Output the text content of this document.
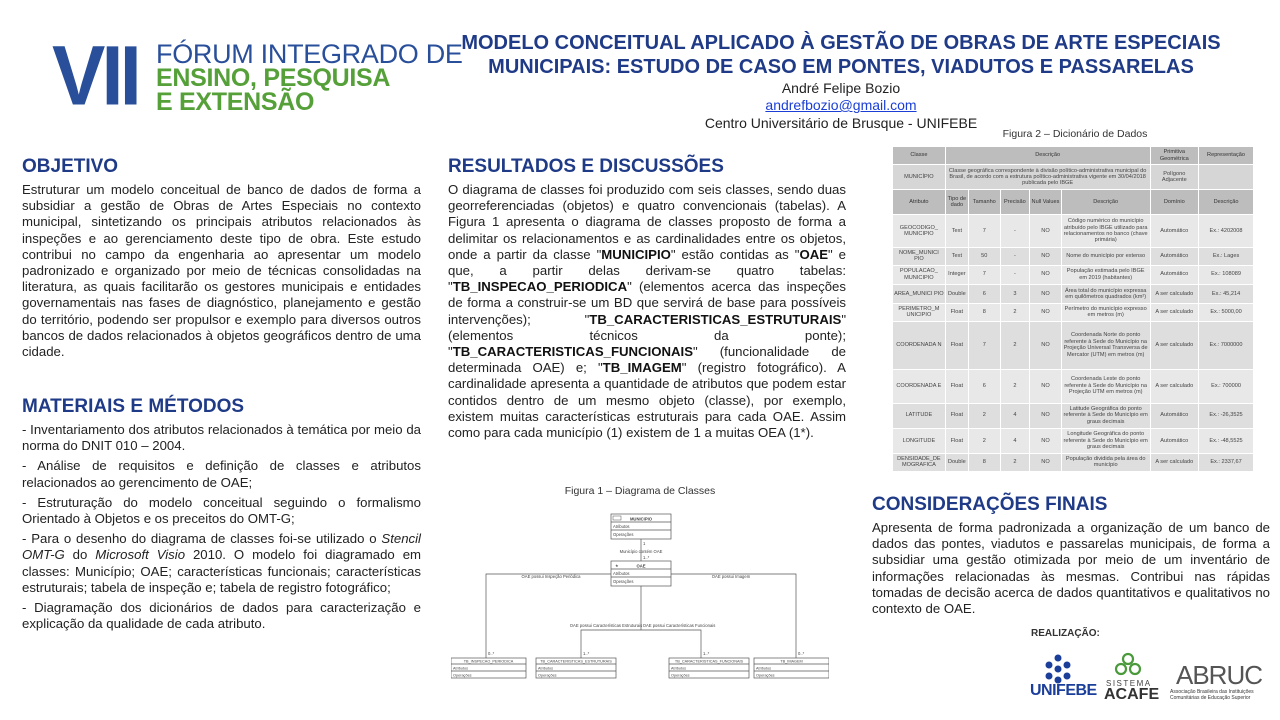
VII FÓRUM INTEGRADO DE
ENSINO, PESQUISA
E EXTENSÃO
MODELO CONCEITUAL APLICADO À GESTÃO DE OBRAS DE ARTE ESPECIAIS
MUNICIPAIS: ESTUDO DE CASO EM PONTES, VIADUTOS E PASSARELAS
André Felipe Bozio
andrefbozio@gmail.com
Centro Universitário de Brusque - UNIFEBE
OBJETIVO
Estruturar um modelo conceitual de banco de dados de forma a subsidiar a gestão de Obras de Artes Especiais no contexto municipal, sintetizando os principais atributos relacionados às inspeções e ao gerenciamento deste tipo de obra. Este estudo contribui no campo da engenharia ao apresentar um modelo padronizado e organizado por meio de técnicas consolidadas na literatura, as quais facilitarão os gestores municipais e entidades governamentais nas fases de diagnóstico, planejamento e gestão do território, podendo ser propulsor e exemplo para diversos outros bancos de dados relacionados à objetos geográficos dentro de uma cidade.
MATERIAIS E MÉTODOS

- Inventariamento dos atributos relacionados à temática por meio da norma do DNIT 010 – 2004.

- Análise de requisitos e definição de classes e atributos relacionados ao gerencimento de OAE;

- Estruturação do modelo conceitual seguindo o formalismo Orientado à Objetos e os preceitos do OMT-G;

- Para o desenho do diagrama de classes foi-se utilizado o Stencil OMT-G do Microsoft Visio 2010. O modelo foi diagramado em classes: Município; OAE; características funcionais; características estruturais; tabela de inspeção e; tabela de registro fotográfico;

- Diagramação dos dicionários de dados para caracterização e explicação da qualidade de cada atributo.

RESULTADOS E DISCUSSÕES
O diagrama de classes foi produzido com seis classes, sendo duas georreferenciadas (objetos) e quatro convencionais (tabelas). A Figura 1 apresenta o diagrama de classes proposto de forma a delimitar os relacionamentos e as cardinalidades entre os objetos, onde a partir da classe "MUNICIPIO" estão contidas as "OAE" e que, a partir delas derivam-se quatro tabelas: "TB_INSPECAO_PERIODICA" (elementos acerca das inspeções de forma a construir-se um BD que servirá de base para possíveis intervenções); "TB_CARACTERISTICAS_ESTRUTURAIS" (elementos técnicos da ponte); "TB_CARACTERISTICAS_FUNCIONAIS" (funcionalidade de determinada OAE) e; "TB_IMAGEM" (registro fotográfico). A cardinalidade apresenta a quantidade de atributos que podem estar contidos dentro de um mesmo objeto (classe), por exemplo, existem muitas características estruturais para cada OAE. Assim como para cada município (1) existem de 1 a muitas OEA (1*).
Figura 1 – Diagrama de Classes
★
MUNICIPIO
Atributos
Operações
OAE
Atributos
Operações
1
1..*
Município contém OAE
OAE possui Inspeção Periódica	OAE possui Imagem
OAE possui Características Estruturais OAE possui Características Funcionais
0..*	1..*	1..*	0..*
TB_INSPECAO_PERIODICA
Atributos
Operações
TB_CARACTERISTICAS_ESTRUTURAIS
Atributos
Operações
TB_CARACTERISTICAS_FUNCIONAIS
Atributos
Operações
TB_IMAGEM
Atributos
Operações
Figura 2 – Dicionário de Dados
Classe	Descrição					Primitiva Geométrica	Representação
MUNICÍPIO	Classe geográfica correspondente à divisão político-administrativa municipal do Brasil, de acordo com a estrutura político-administrativa vigente em 30/04/2018 publicada pelo IBGE					Polígono Adjacente	
Atributo	Tipo de dado	Tamanho	Precisão	Null Values	Descrição	Domínio	Descrição
GEOCODIGO_ MUNICIPIO	Text	7	-	NO	Código numérico do município atribuído pelo IBGE utilizado para relacionamentos no banco (chave primária)	Automático	Ex.: 4202008
NOME_MUNICI PIO	Text	50	-	NO	Nome do município por extenso	Automático	Ex.: Lages
POPULACAO_ MUNICIPIO	Integer	7	-	NO	População estimada pelo IBGE em 2019 (habitantes)	Automático	Ex.: 108089
AREA_MUNICI PIO	Double	6	3	NO	Área total do município expressa em quilômetros quadrados (km²)	A ser calculado	Ex.: 45,214
PERIMETRO_M UNICIPIO	Float	8	2	NO	Perímetro do município expresso em metros (m)	A ser calculado	Ex.: 5000,00
COORDENADA N	Float	7	2	NO	Coordenada Norte do ponto referente à Sede do Município na Projeção Universal Transversa de Mercator (UTM) em metros (m)	A ser calculado	Ex.: 7000000
COORDENADA E	Float	6	2	NO	Coordenada Leste do ponto referente à Sede do Município na Projeção UTM em metros (m)	A ser calculado	Ex.: 700000
LATITUDE	Float	2	4	NO	Latitude Geográfica do ponto referente à Sede do Município em graus decimais	Automático	Ex.: -26,3525
LONGITUDE	Float	2	4	NO	Longitude Geográfica do ponto referente à Sede do Município em graus decimais	Automático	Ex.: -48,5525
DENSIDADE_DE MOGRAFICA	Double	8	2	NO	População dividida pela área do município	A ser calculado	Ex.: 2337,67
CONSIDERAÇÕES FINAIS
Apresenta de forma padronizada a organização de um banco de dados das pontes, viadutos e passarelas municipais, de forma a subsidiar uma gestão otimizada por meio de um inventário de informações relacionadas às mesmas. Contribui nas rápidas tomadas de decisão acerca de dados quantitativos e qualitativos no contexto de OAE.
REALIZAÇÃO:
UNIFEBE SISTEMA
ACAFE
ABRUC
Associação Brasileira das Instituições Comunitárias de Educação Superior
